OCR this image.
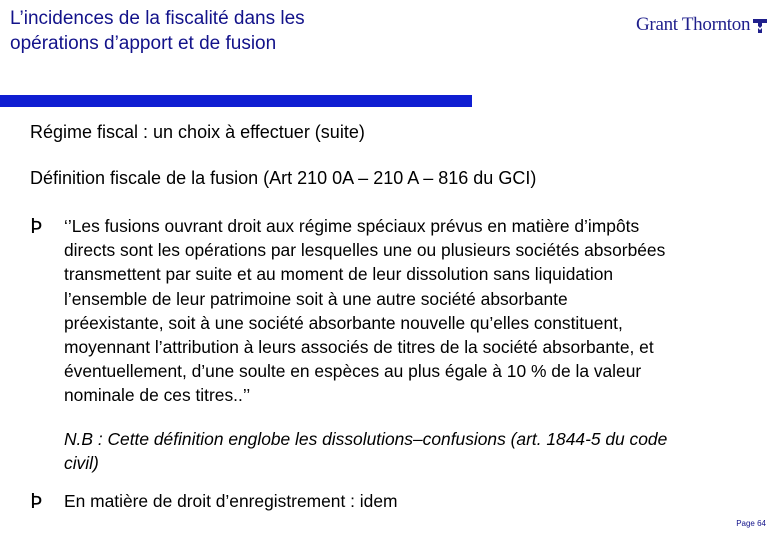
L’incidences de la fiscalité dans les
opérations d’apport et de fusion
Grant Thornton
Régime fiscal : un choix à effectuer (suite)
Définition fiscale de la fusion (Art 210 0A – 210 A – 816 du GCI)
Þ ‘’Les fusions ouvrant droit aux régime spéciaux prévus en matière d’impôts
directs sont les opérations par lesquelles une ou plusieurs sociétés absorbées
transmettent par suite et au moment de leur dissolution sans liquidation
l’ensemble de leur patrimoine soit à une autre société absorbante
préexistante, soit à une société absorbante nouvelle qu’elles constituent,
moyennant l’attribution à leurs associés de titres de la société absorbante, et
éventuellement, d’une soulte en espèces au plus égale à 10 % de la valeur
nominale de ces titres..’’
N.B : Cette définition englobe les dissolutions–confusions (art. 1844-5 du code
civil)
Þ En matière de droit d’enregistrement : idem
Page 64
